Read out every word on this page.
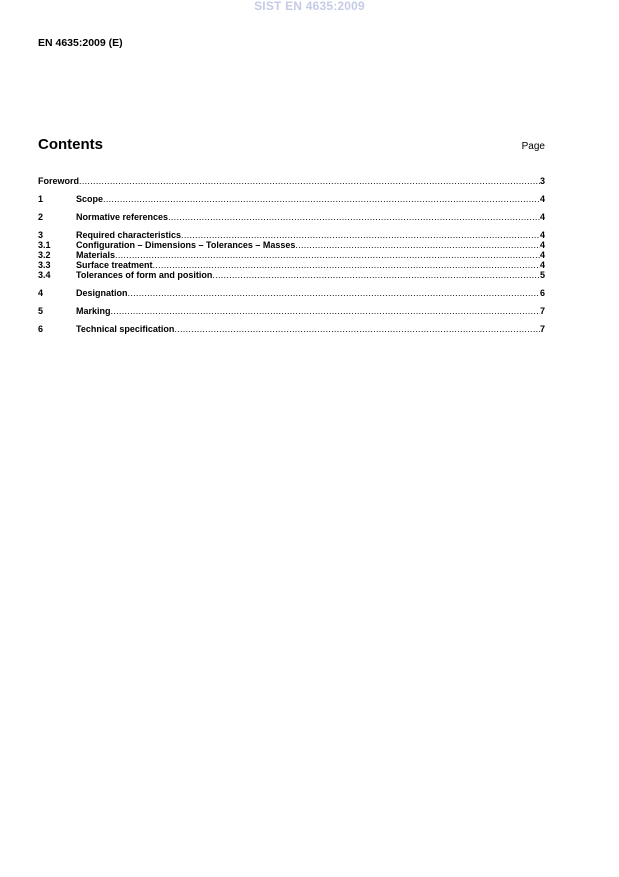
SIST EN 4635:2009
EN 4635:2009 (E)
Contents	Page
Foreword .....	3
1	Scope .....	4
2	Normative references .....	4
3	Required characteristics .....	4
3.1	Configuration – Dimensions – Tolerances – Masses .....	4
3.2	Materials .....	4
3.3	Surface treatment .....	4
3.4	Tolerances of form and position .....	5
4	Designation .....	6
5	Marking .....	7
6	Technical specification .....	7
